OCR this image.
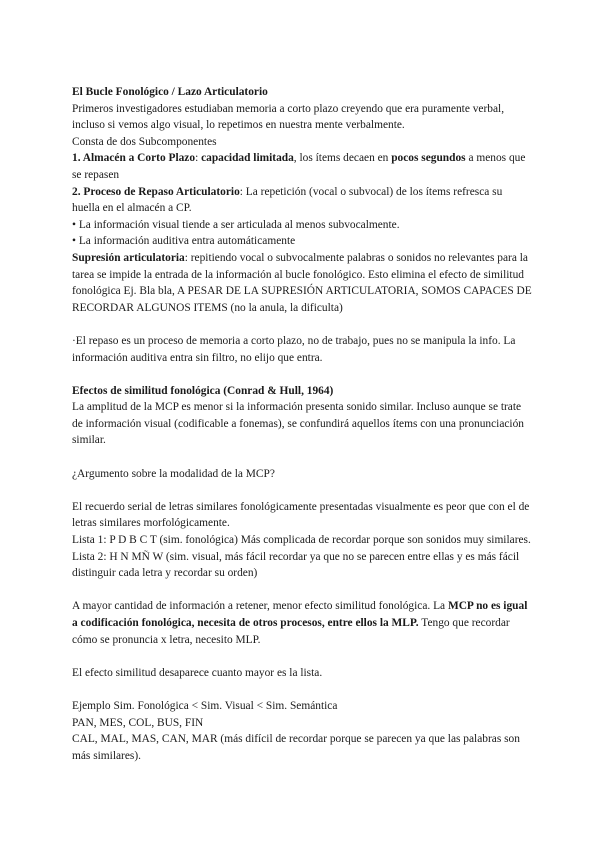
El Bucle Fonológico / Lazo Articulatorio

Primeros investigadores estudiaban memoria a corto plazo creyendo que era puramente verbal, incluso si vemos algo visual, lo repetimos en nuestra mente verbalmente.

Consta de dos Subcomponentes

1. Almacén a Corto Plazo: capacidad limitada, los ítems decaen en pocos segundos a menos que se repasen

2. Proceso de Repaso Articulatorio: La repetición (vocal o subvocal) de los ítems refresca su huella en el almacén a CP.

• La información visual tiende a ser articulada al menos subvocalmente.

• La información auditiva entra automáticamente

Supresión articulatoria: repitiendo vocal o subvocalmente palabras o sonidos no relevantes para la tarea se impide la entrada de la información al bucle fonológico. Esto elimina el efecto de similitud fonológica Ej. Bla bla, A PESAR DE LA SUPRESIÓN ARTICULATORIA, SOMOS CAPACES DE RECORDAR ALGUNOS ITEMS (no la anula, la dificulta)

·El repaso es un proceso de memoria a corto plazo, no de trabajo, pues no se manipula la info. La información auditiva entra sin filtro, no elijo que entra.

Efectos de similitud fonológica (Conrad & Hull, 1964)

La amplitud de la MCP es menor si la información presenta sonido similar. Incluso aunque se trate de información visual (codificable a fonemas), se confundirá aquellos ítems con una pronunciación similar.

¿Argumento sobre la modalidad de la MCP?

El recuerdo serial de letras similares fonológicamente presentadas visualmente es peor que con el de letras similares morfológicamente.

Lista 1: P D B C T (sim. fonológica) Más complicada de recordar porque son sonidos muy similares.

Lista 2: H N MÑ W (sim. visual, más fácil recordar ya que no se parecen entre ellas y es más fácil distinguir cada letra y recordar su orden)

A mayor cantidad de información a retener, menor efecto similitud fonológica. La MCP no es igual a codificación fonológica, necesita de otros procesos, entre ellos la MLP. Tengo que recordar cómo se pronuncia x letra, necesito MLP.

El efecto similitud desaparece cuanto mayor es la lista.

Ejemplo Sim. Fonológica < Sim. Visual < Sim. Semántica

PAN, MES, COL, BUS, FIN

CAL, MAL, MAS, CAN, MAR (más difícil de recordar porque se parecen ya que las palabras son más similares).
